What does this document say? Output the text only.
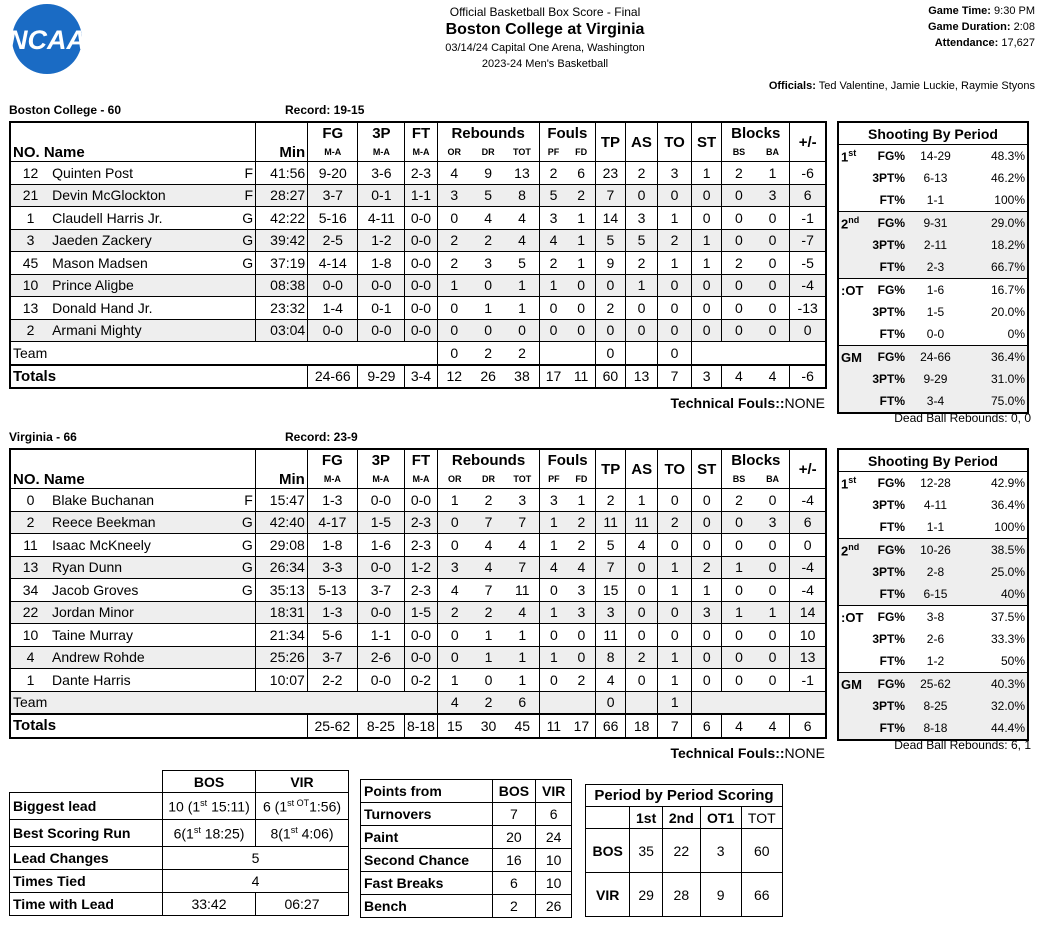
NCAA
Official Basketball Box Score - Final
Boston College at Virginia
03/14/24 Capital One Arena, Washington
2023-24 Men's Basketball
Game Time: 9:30 PM
Game Duration: 2:08
Attendance: 17,627
Officials: Ted Valentine, Jamie Luckie, Raymie Styons
Boston College - 60	Record: 19-15
			FG	3P	FT	Rebounds			Fouls		TP	AS	TO	ST	Blocks		+/-
NO. Name		Min	M-A	M-A	M-A	OR	DR	TOT	PF	FD					BS	BA	
12	Quinten Post F	41:56	9-20	3-6	2-3	4	9	13	2	6	23	2	3	1	2	1	-6
21	Devin McGlockton F	28:27	3-7	0-1	1-1	3	5	8	5	2	7	0	0	0	0	3	6
1	Claudell Harris Jr. G	42:22	5-16	4-11	0-0	0	4	4	3	1	14	3	1	0	0	0	-1
3	Jaeden Zackery G	39:42	2-5	1-2	0-0	2	2	4	4	1	5	5	2	1	0	0	-7
45	Mason Madsen G	37:19	4-14	1-8	0-0	2	3	5	2	1	9	2	1	1	2	0	-5
10	Prince Aligbe	08:38	0-0	0-0	0-0	1	0	1	1	0	0	1	0	0	0	0	-4
13	Donald Hand Jr.	23:32	1-4	0-1	0-0	0	1	1	0	0	2	0	0	0	0	0	-13
2	Armani Mighty	03:04	0-0	0-0	0-0	0	0	0	0	0	0	0	0	0	0	0	0
Team						0	2	2			0		0				
Totals			24-66	9-29	3-4	12	26	38	17	11	60	13	7	3	4	4	-6
Technical Fouls::NONE
Shooting By Period			
1st	FG%	14-29	48.3%
	3PT%	6-13	46.2%
	FT%	1-1	100%
2nd	FG%	9-31	29.0%
	3PT%	2-11	18.2%
	FT%	2-3	66.7%
:OT	FG%	1-6	16.7%
	3PT%	1-5	20.0%
	FT%	0-0	0%
GM	FG%	24-66	36.4%
	3PT%	9-29	31.0%
	FT%	3-4	75.0%
Dead Ball Rebounds: 0, 0
Virginia - 66	Record: 23-9
			FG	3P	FT	Rebounds			Fouls		TP	AS	TO	ST	Blocks		+/-
NO. Name		Min	M-A	M-A	M-A	OR	DR	TOT	PF	FD					BS	BA	
0	Blake Buchanan F	15:47	1-3	0-0	0-0	1	2	3	3	1	2	1	0	0	2	0	-4
2	Reece Beekman G	42:40	4-17	1-5	2-3	0	7	7	1	2	11	11	2	0	0	3	6
11	Isaac McKneely G	29:08	1-8	1-6	2-3	0	4	4	1	2	5	4	0	0	0	0	0
13	Ryan Dunn G	26:34	3-3	0-0	1-2	3	4	7	4	4	7	0	1	2	1	0	-4
34	Jacob Groves G	35:13	5-13	3-7	2-3	4	7	11	0	3	15	0	1	1	0	0	-4
22	Jordan Minor	18:31	1-3	0-0	1-5	2	2	4	1	3	3	0	0	3	1	1	14
10	Taine Murray	21:34	5-6	1-1	0-0	0	1	1	0	0	11	0	0	0	0	0	10
4	Andrew Rohde	25:26	3-7	2-6	0-0	0	1	1	1	0	8	2	1	0	0	0	13
1	Dante Harris	10:07	2-2	0-0	0-2	1	0	1	0	2	4	0	1	0	0	0	-1
Team						4	2	6			0		1				
Totals			25-62	8-25	8-18	15	30	45	11	17	66	18	7	6	4	4	6
Technical Fouls::NONE
Shooting By Period			
1st	FG%	12-28	42.9%
	3PT%	4-11	36.4%
	FT%	1-1	100%
2nd	FG%	10-26	38.5%
	3PT%	2-8	25.0%
	FT%	6-15	40%
:OT	FG%	3-8	37.5%
	3PT%	2-6	33.3%
	FT%	1-2	50%
GM	FG%	25-62	40.3%
	3PT%	8-25	32.0%
	FT%	8-18	44.4%
Dead Ball Rebounds: 6, 1
	BOS	VIR
Biggest lead	10 (1st 15:11)	6 $(1^{st OT}1:56)$
Best Scoring Run	6(1st 18:25)	8(1st 4:06)
Lead Changes	5	
Times Tied	4	
Time with Lead	33:42	06:27
Points from	BOS	VIR
Turnovers	7	6
Paint	20	24
Second Chance	16	10
Fast Breaks	6	10
Bench	2	26
Period by Period Scoring				
	1st	2nd	OT1	TOT
BOS	35	22	3	60
VIR	29	28	9	66
